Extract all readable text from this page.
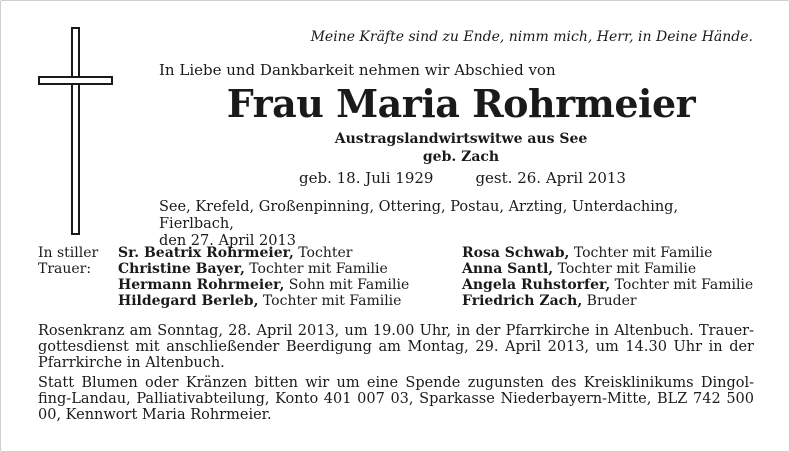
Meine Kräfte sind zu Ende, nimm mich, Herr, in Deine Hände.
In Liebe und Dankbarkeit nehmen wir Abschied von
Frau Maria Rohrmeier
Austragslandwirtswitwe aus See
geb. Zach
geb. 18. Juli 1929	gest. 26. April 2013
See, Krefeld, Großenpinning, Ottering, Postau, Arzting, Unterdaching, Fierlbach,
den 27. April 2013
In stiller
Trauer:
Sr. Beatrix Rohrmeier, Tochter
Christine Bayer, Tochter mit Familie
Hermann Rohrmeier, Sohn mit Familie
Hildegard Berleb, Tochter mit Familie
Rosa Schwab, Tochter mit Familie
Anna Santl, Tochter mit Familie
Angela Ruhstorfer, Tochter mit Familie
Friedrich Zach, Bruder
Rosenkranz am Sonntag, 28. April 2013, um 19.00 Uhr, in der Pfarrkirche in Altenbuch. Trauer-gottesdienst mit anschließender Beerdigung am Montag, 29. April 2013, um 14.30 Uhr in der Pfarrkirche in Altenbuch.
Statt Blumen oder Kränzen bitten wir um eine Spende zugunsten des Kreisklinikums Dingol-fing-Landau, Palliativabteilung, Konto 401 007 03, Sparkasse Niederbayern-Mitte, BLZ 742 500 00, Kennwort Maria Rohrmeier.
